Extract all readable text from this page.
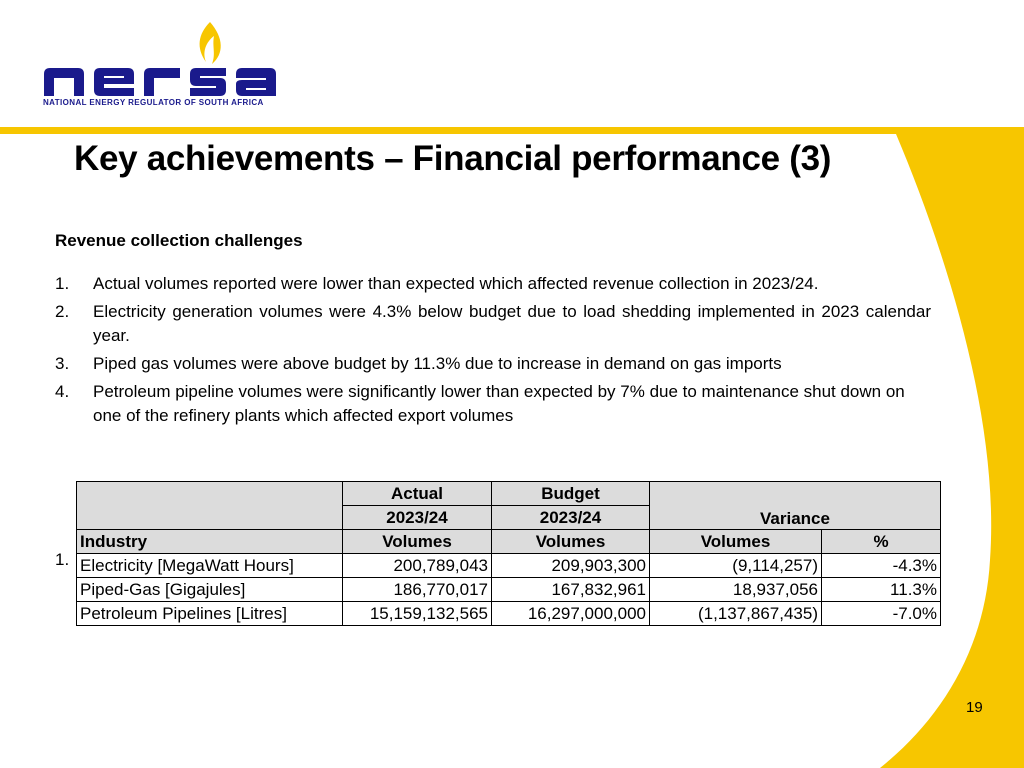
NATIONAL ENERGY REGULATOR OF SOUTH AFRICA
Key achievements – Financial performance (3)
Revenue collection challenges
1. Actual volumes reported were lower than expected which affected revenue collection in 2023/24.
2. Electricity generation volumes were 4.3% below budget due to load shedding implemented in 2023 calendar year.
3. Piped gas volumes were above budget by 11.3% due to increase in demand on gas imports
4. Petroleum pipeline volumes were significantly lower than expected by 7% due to maintenance shut down on one of the refinery plants which affected export volumes
1.
	Actual	Budget	Variance	
	2023/24	2023/24		
Industry	Volumes	Volumes	Volumes	%
Electricity [MegaWatt Hours]	200,789,043	209,903,300	(9,114,257)	-4.3%
Piped-Gas [Gigajules]	186,770,017	167,832,961	18,937,056	11.3%
Petroleum Pipelines [Litres]	15,159,132,565	16,297,000,000	(1,137,867,435)	-7.0%
19
